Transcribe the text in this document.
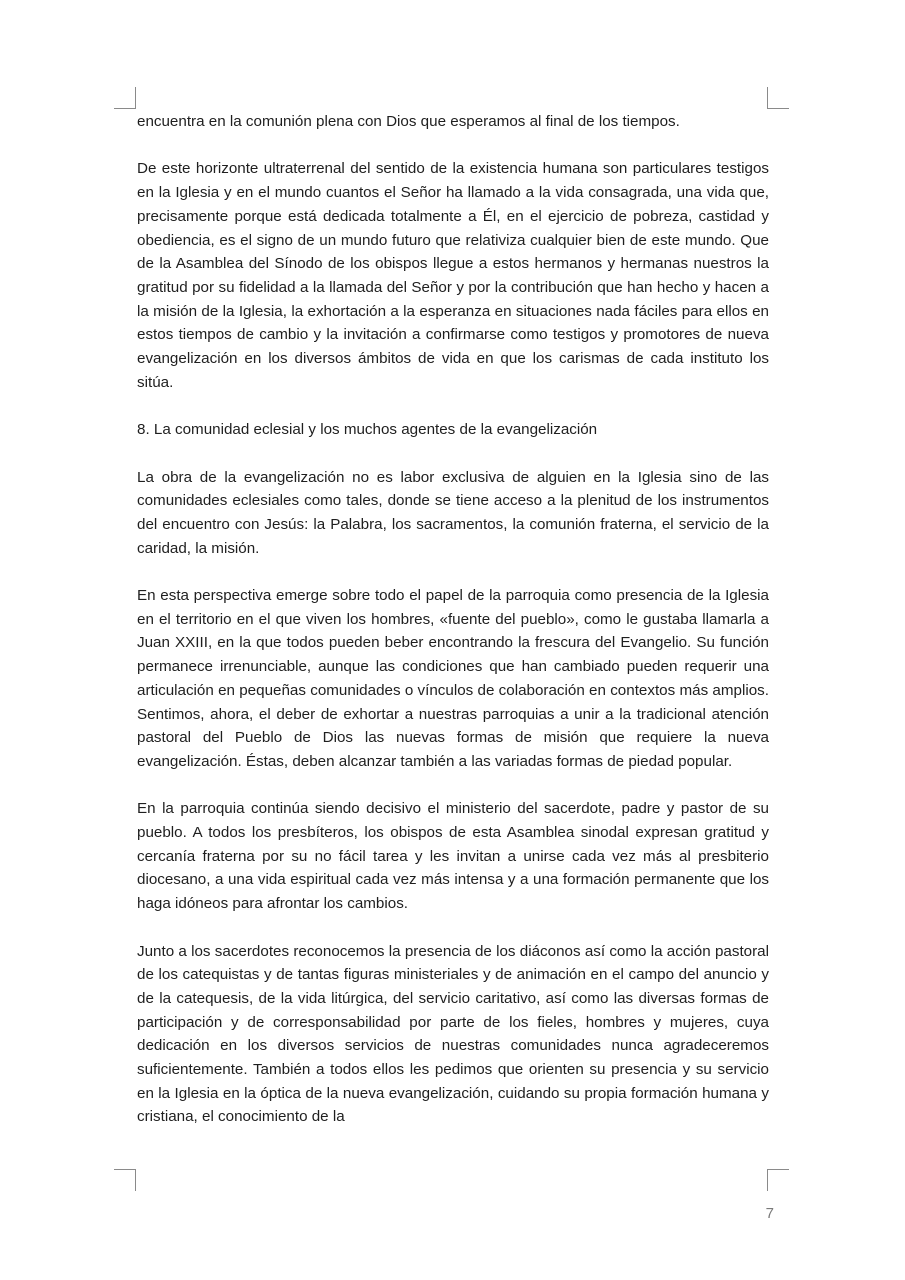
encuentra en la comunión plena con Dios que esperamos al final de los tiempos.

De este horizonte ultraterrenal del sentido de la existencia humana son particulares testigos en la Iglesia y en el mundo cuantos el Señor ha llamado a la vida consagrada, una vida que, precisamente porque está dedicada totalmente a Él, en el ejercicio de pobreza, castidad y obediencia, es el signo de un mundo futuro que relativiza cualquier bien de este mundo. Que de la Asamblea del Sínodo de los obispos llegue a estos hermanos y hermanas nuestros la gratitud por su fidelidad a la llamada del Señor y por la contribución que han hecho y hacen a la misión de la Iglesia, la exhortación a la esperanza en situaciones nada fáciles para ellos en estos tiempos de cambio y la invitación a confirmarse como testigos y promotores de nueva evangelización en los diversos ámbitos de vida en que los carismas de cada instituto los sitúa.

8. La comunidad eclesial y los muchos agentes de la evangelización

La obra de la evangelización no es labor exclusiva de alguien en la Iglesia sino de las comunidades eclesiales como tales, donde se tiene acceso a la plenitud de los instrumentos del encuentro con Jesús: la Palabra, los sacramentos, la comunión fraterna, el servicio de la caridad, la misión.

En esta perspectiva emerge sobre todo el papel de la parroquia como presencia de la Iglesia en el territorio en el que viven los hombres, «fuente del pueblo», como le gustaba llamarla a Juan XXIII, en la que todos pueden beber encontrando la frescura del Evangelio. Su función permanece irrenunciable, aunque las condiciones que han cambiado pueden requerir una articulación en pequeñas comunidades o vínculos de colaboración en contextos más amplios. Sentimos, ahora, el deber de exhortar a nuestras parroquias a unir a la tradicional atención pastoral del Pueblo de Dios las nuevas formas de misión que requiere la nueva evangelización. Éstas, deben alcanzar también a las variadas formas de piedad popular.

En la parroquia continúa siendo decisivo el ministerio del sacerdote, padre y pastor de su pueblo. A todos los presbíteros, los obispos de esta Asamblea sinodal expresan gratitud y cercanía fraterna por su no fácil tarea y les invitan a unirse cada vez más al presbiterio diocesano, a una vida espiritual cada vez más intensa y a una formación permanente que los haga idóneos para afrontar los cambios.

Junto a los sacerdotes reconocemos la presencia de los diáconos así como la acción pastoral de los catequistas y de tantas figuras ministeriales y de animación en el campo del anuncio y de la catequesis, de la vida litúrgica, del servicio caritativo, así como las diversas formas de participación y de corresponsabilidad por parte de los fieles, hombres y mujeres, cuya dedicación en los diversos servicios de nuestras comunidades nunca agradeceremos suficientemente. También a todos ellos les pedimos que orienten su presencia y su servicio en la Iglesia en la óptica de la nueva evangelización, cuidando su propia formación humana y cristiana, el conocimiento de la

7
